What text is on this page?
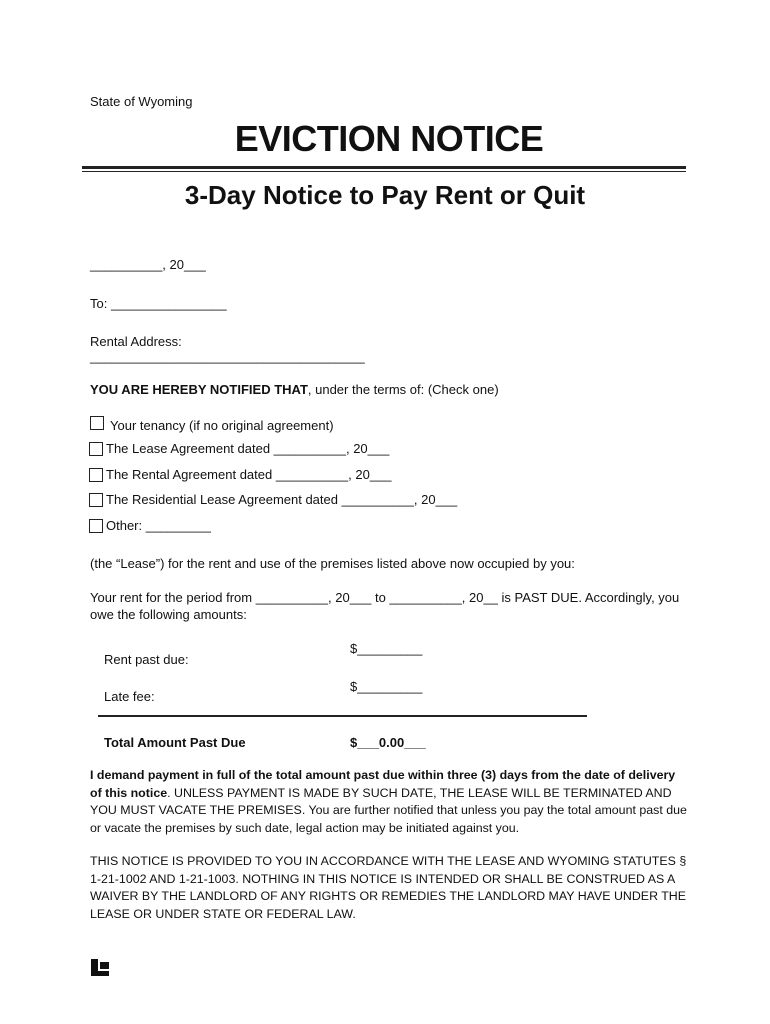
State of Wyoming
EVICTION NOTICE
3-Day Notice to Pay Rent or Quit
__________, 20___
To: ________________
Rental Address:
______________________________________
YOU ARE HEREBY NOTIFIED THAT, under the terms of: (Check one)
Your tenancy (if no original agreement)
The Lease Agreement dated __________, 20___
The Rental Agreement dated __________, 20___
The Residential Lease Agreement dated __________, 20___
Other: _________
(the “Lease”) for the rent and use of the premises listed above now occupied by you:
Your rent for the period from __________, 20___ to __________, 20__ is PAST DUE. Accordingly, you
owe the following amounts:
$_________
Rent past due:
$_________
Late fee:
Total Amount Past Due	$___0.00___
I demand payment in full of the total amount past due within three (3) days from the date of delivery of this notice. UNLESS PAYMENT IS MADE BY SUCH DATE, THE LEASE WILL BE TERMINATED AND YOU MUST VACATE THE PREMISES. You are further notified that unless you pay the total amount past due or vacate the premises by such date, legal action may be initiated against you.
THIS NOTICE IS PROVIDED TO YOU IN ACCORDANCE WITH THE LEASE AND WYOMING STATUTES § 1-21-1002 AND 1-21-1003. NOTHING IN THIS NOTICE IS INTENDED OR SHALL BE CONSTRUED AS A WAIVER BY THE LANDLORD OF ANY RIGHTS OR REMEDIES THE LANDLORD MAY HAVE UNDER THE LEASE OR UNDER STATE OR FEDERAL LAW.
